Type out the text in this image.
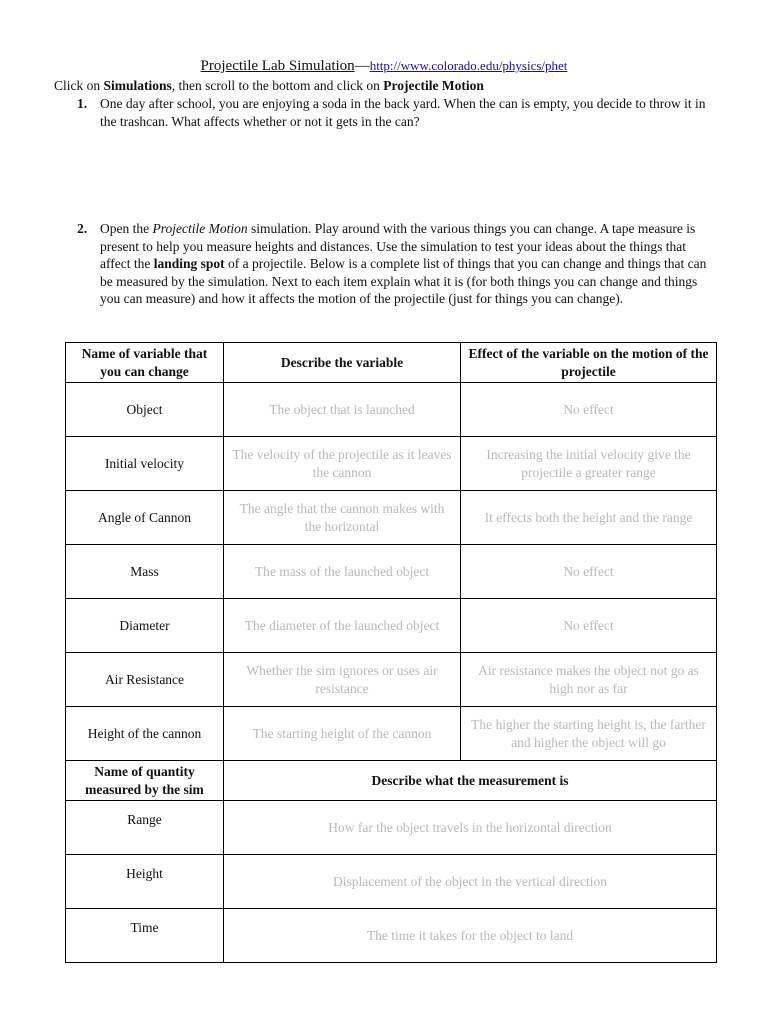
Projectile Lab Simulation—http://www.colorado.edu/physics/phet
Click on Simulations, then scroll to the bottom and click on Projectile Motion
1. One day after school, you are enjoying a soda in the back yard. When the can is empty, you decide to throw it in the trashcan. What affects whether or not it gets in the can?
2. Open the Projectile Motion simulation. Play around with the various things you can change. A tape measure is present to help you measure heights and distances. Use the simulation to test your ideas about the things that affect the landing spot of a projectile. Below is a complete list of things that you can change and things that can be measured by the simulation. Next to each item explain what it is (for both things you can change and things you can measure) and how it affects the motion of the projectile (just for things you can change).
Name of variable that you can change	Describe the variable	Effect of the variable on the motion of the projectile
Object	The object that is launched	No effect
Initial velocity	The velocity of the projectile as it leaves the cannon	Increasing the initial velocity give the projectile a greater range
Angle of Cannon	The angle that the cannon makes with the horizontal	It effects both the height and the range
Mass	The mass of the launched object	No effect
Diameter	The diameter of the launched object	No effect
Air Resistance	Whether the sim ignores or uses air resistance	Air resistance makes the object not go as high nor as far
Height of the cannon	The starting height of the cannon	The higher the starting height is, the farther and higher the object will go
Name of quantity measured by the sim	Describe what the measurement is	
Range	How far the object travels in the horizontal direction	
Height	Displacement of the object in the vertical direction	
Time	The time it takes for the object to land	
